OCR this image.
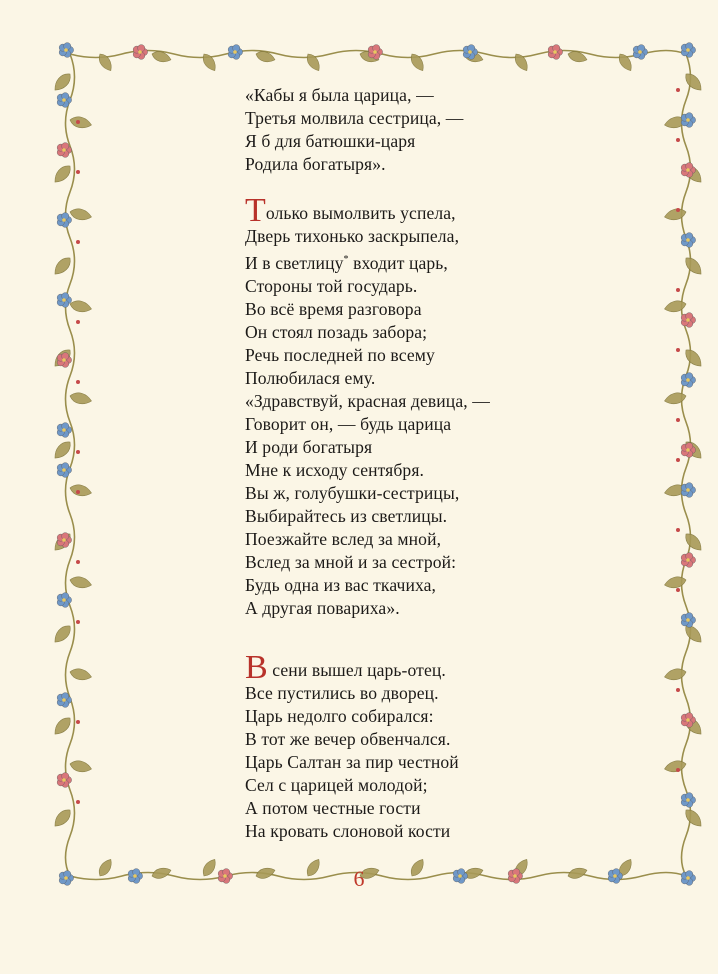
«Кабы я была царица, —
Третья молвила сестрица, —
Я б для батюшки-царя
Родила богатыря».
Только вымолвить успела,
Дверь тихонько заскрыпела,
И в светлицу* входит царь,
Стороны той государь.
Во всё время разговора
Он стоял позадь забора;
Речь последней по всему
Полюбилася ему.
«Здравствуй, красная девица, —
Говорит он, — будь царица
И роди богатыря
Мне к исходу сентября.
Вы ж, голубушки-сестрицы,
Выбирайтесь из светлицы.
Поезжайте вслед за мной,
Вслед за мной и за сестрой:
Будь одна из вас ткачиха,
А другая повариха».
В сени вышел царь-отец.
Все пустились во дворец.
Царь недолго собирался:
В тот же вечер обвенчался.
Царь Салтан за пир честной
Сел с царицей молодой;
А потом честные гости
На кровать слоновой кости
6
